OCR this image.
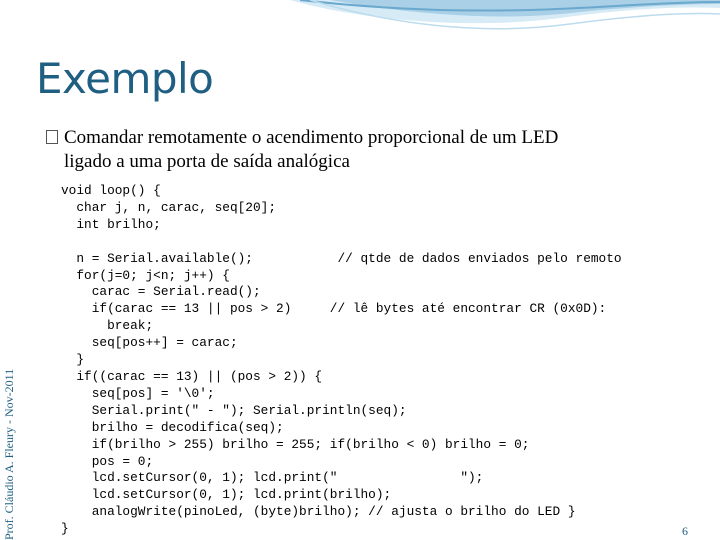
Exemplo
Comandar remotamente o acendimento proporcional de um LED
ligado a uma porta de saída analógica
void loop() {
char j, n, carac, seq[20];
int brilho;

n = Serial.available();           // qtde de dados enviados pelo remoto
for(j=0; j<n; j++) {
carac = Serial.read();
if(carac == 13 || pos > 2)     // lê bytes até encontrar CR (0x0D):
break;
seq[pos++] = carac;
}
if((carac == 13) || (pos > 2)) {
seq[pos] = '\0';
Serial.print(" - "); Serial.println(seq);
brilho = decodifica(seq);
if(brilho > 255) brilho = 255; if(brilho < 0) brilho = 0;
pos = 0;
lcd.setCursor(0, 1); lcd.print("                ");
lcd.setCursor(0, 1); lcd.print(brilho);
analogWrite(pinoLed, (byte)brilho); // ajusta o brilho do LED }
}
Prof. Cláudio A. Fleury - Nov-2011	6
